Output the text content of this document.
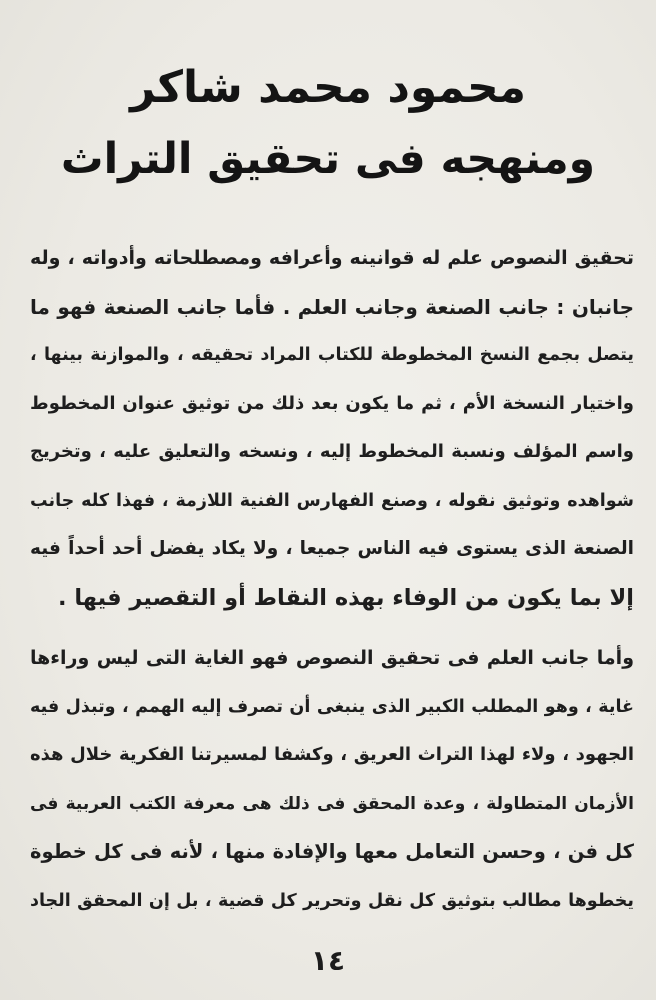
محمود محمد شاكر
ومنهجه فى تحقيق التراث
تحقيق النصوص علم له قوانينه وأعرافه ومصطلحاته وأدواته ، وله
جانبان : جانب الصنعة وجانب العلم . فأما جانب الصنعة فهو ما
يتصل بجمع النسخ المخطوطة للكتاب المراد تحقيقه ، والموازنة بينها ،
واختيار النسخة الأم ، ثم ما يكون بعد ذلك من توثيق عنوان المخطوط
واسم المؤلف ونسبة المخطوط إليه ، ونسخه والتعليق عليه ، وتخريج
شواهده وتوثيق نقوله ، وصنع الفهارس الفنية اللازمة ، فهذا كله جانب
الصنعة الذى يستوى فيه الناس جميعا ، ولا يكاد يفضل أحد أحداً فيه
إلا بما يكون من الوفاء بهذه النقاط أو التقصير فيها .
وأما جانب العلم فى تحقيق النصوص فهو الغاية التى ليس وراءها
غاية ، وهو المطلب الكبير الذى ينبغى أن تصرف إليه الهمم ، وتبذل فيه
الجهود ، ولاء لهذا التراث العريق ، وكشفا لمسيرتنا الفكرية خلال هذه
الأزمان المتطاولة ، وعدة المحقق فى ذلك هى معرفة الكتب العربية فى
كل فن ، وحسن التعامل معها والإفادة منها ، لأنه فى كل خطوة
يخطوها مطالب بتوثيق كل نقل وتحرير كل قضية ، بل إن المحقق الجاد
١٤
